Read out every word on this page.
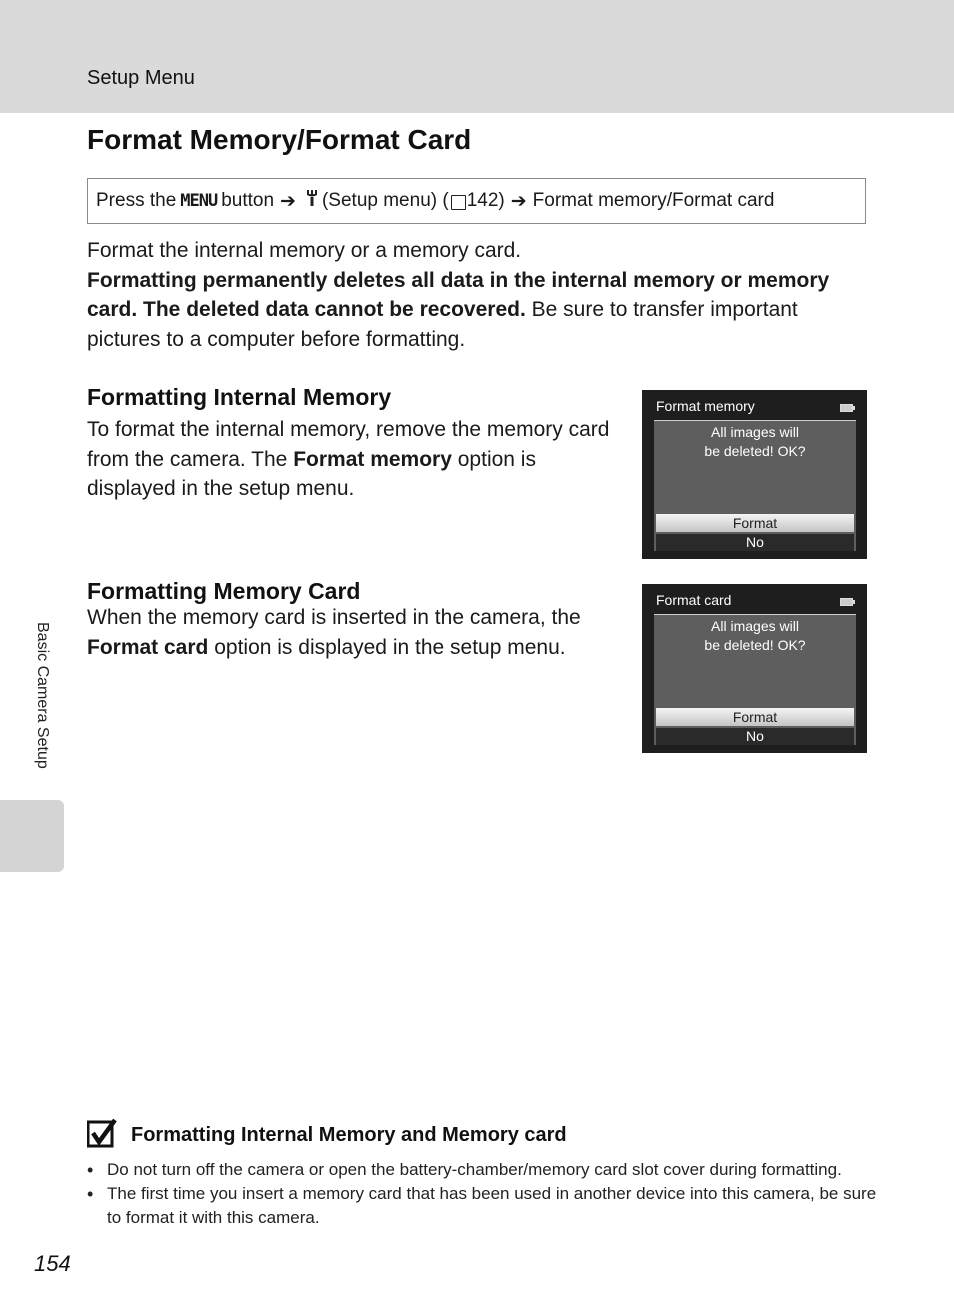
Setup Menu
Format Memory/Format Card
Press the MENU button ➔ (Setup menu) ( 142) ➔ Format memory/Format card

Format the internal memory or a memory card.
Formatting permanently deletes all data in the internal memory or memory card. The deleted data cannot be recovered. Be sure to transfer important pictures to a computer before formatting.

Formatting Internal Memory

To format the internal memory, remove the memory card from the camera. The Format memory option is displayed in the setup menu.

Format memory
All images will
be deleted! OK?
Format
No
Formatting Memory Card

When the memory card is inserted in the camera, the Format card option is displayed in the setup menu.

Format card
All images will
be deleted! OK?
Format
No
Basic Camera Setup
Formatting Internal Memory and Memory card
• Do not turn off the camera or open the battery-chamber/memory card slot cover during formatting.
• The first time you insert a memory card that has been used in another device into this camera, be sure to format it with this camera.
154
